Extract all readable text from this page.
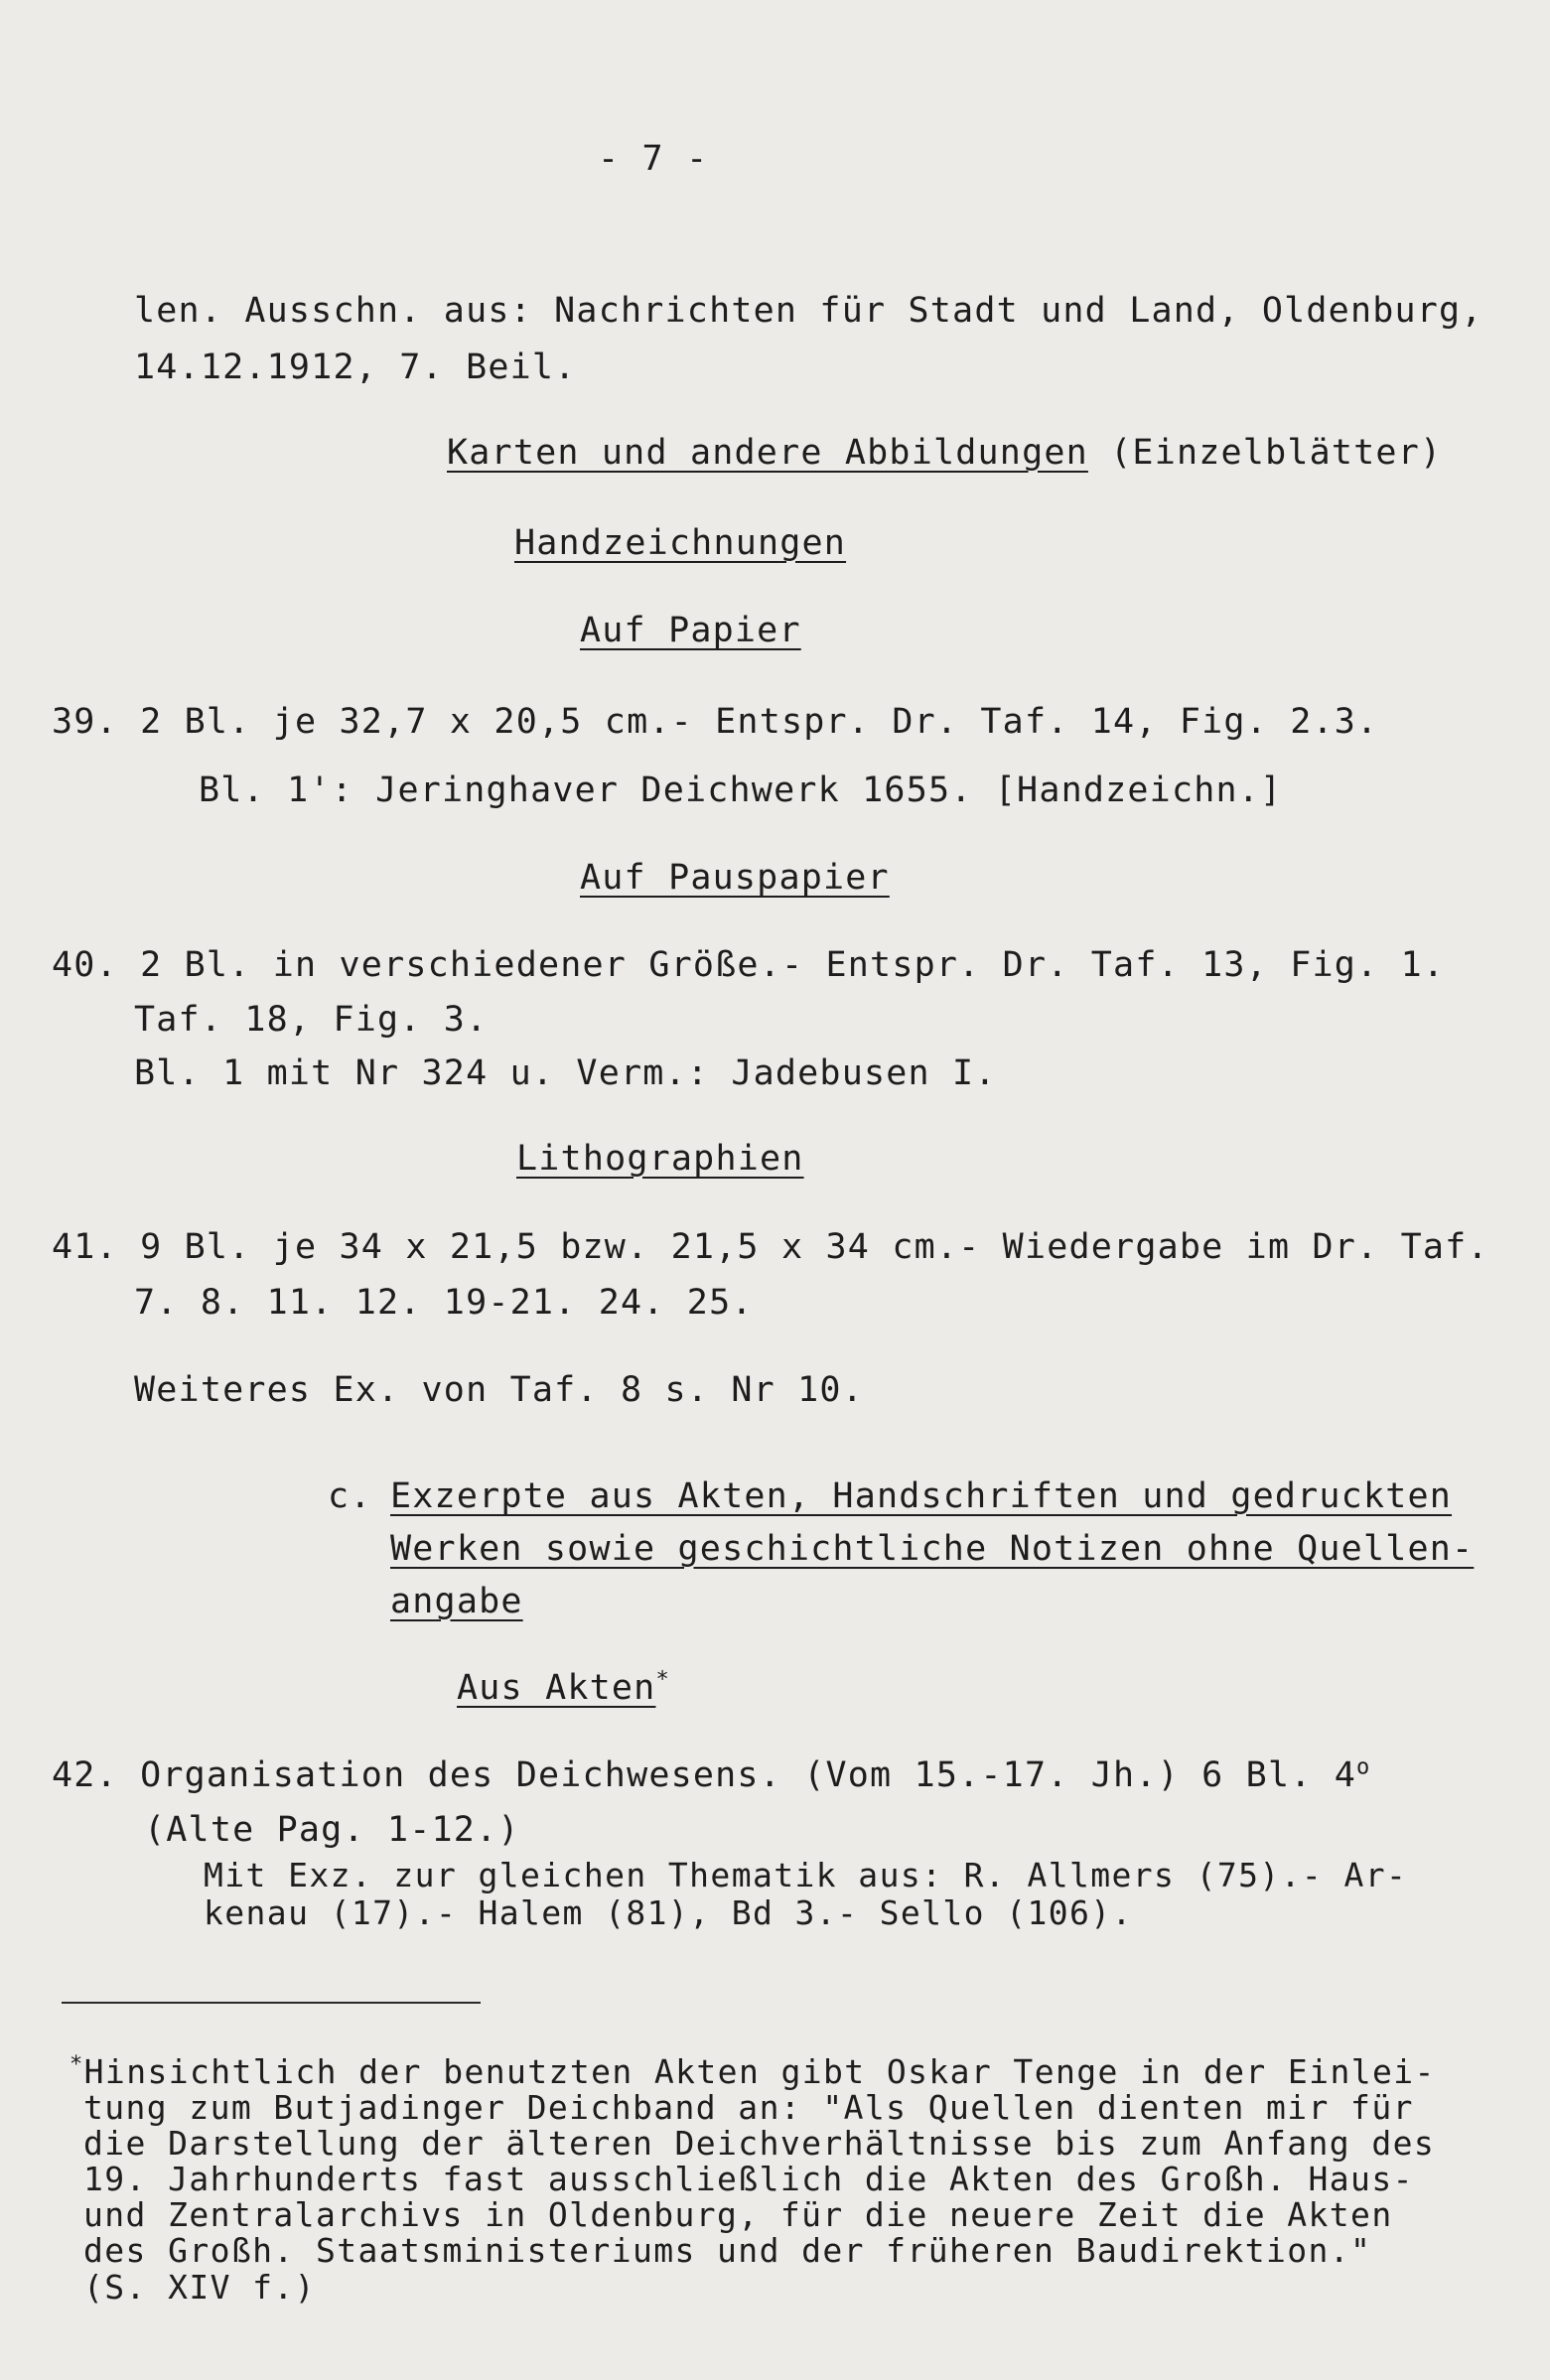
- 7 -
len. Ausschn. aus: Nachrichten für Stadt und Land, Oldenburg,
14.12.1912, 7. Beil.
Karten und andere Abbildungen (Einzelblätter)
Handzeichnungen
Auf Papier
39. 2 Bl. je 32,7 x 20,5 cm.- Entspr. Dr. Taf. 14, Fig. 2.3.
Bl. 1': Jeringhaver Deichwerk 1655. [Handzeichn.]
Auf Pauspapier
40. 2 Bl. in verschiedener Größe.- Entspr. Dr. Taf. 13, Fig. 1.
Taf. 18, Fig. 3.
Bl. 1 mit Nr 324 u. Verm.: Jadebusen I.
Lithographien
41. 9 Bl. je 34 x 21,5 bzw. 21,5 x 34 cm.- Wiedergabe im Dr. Taf.
7. 8. 11. 12. 19-21. 24. 25.
Weiteres Ex. von Taf. 8 s. Nr 10.
c. Exzerpte aus Akten, Handschriften und gedruckten
Werken sowie geschichtliche Notizen ohne Quellen-
angabe
Aus Akten*
42. Organisation des Deichwesens. (Vom 15.-17. Jh.) 6 Bl. 4$^o$
(Alte Pag. 1-12.)
Mit Exz. zur gleichen Thematik aus: R. Allmers (75).- Ar-
kenau (17).- Halem (81), Bd 3.- Sello (106).
*Hinsichtlich der benutzten Akten gibt Oskar Tenge in der Einlei-
tung zum Butjadinger Deichband an: "Als Quellen dienten mir für
die Darstellung der älteren Deichverhältnisse bis zum Anfang des
19. Jahrhunderts fast ausschließlich die Akten des Großh. Haus-
und Zentralarchivs in Oldenburg, für die neuere Zeit die Akten
des Großh. Staatsministeriums und der früheren Baudirektion."
(S. XIV f.)
